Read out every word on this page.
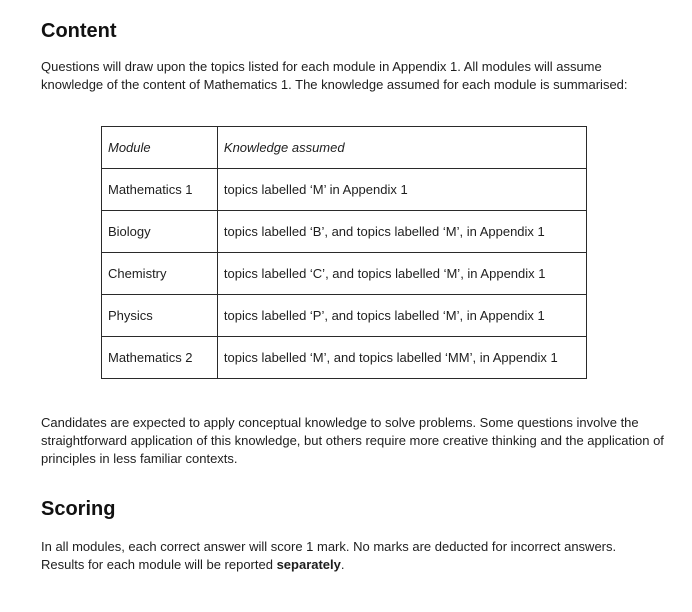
Content

Questions will draw upon the topics listed for each module in Appendix 1. All modules will assume knowledge of the content of Mathematics 1. The knowledge assumed for each module is summarised:

Module	Knowledge assumed
Mathematics 1	topics labelled ‘M’ in Appendix 1
Biology	topics labelled ‘B’, and topics labelled ‘M’, in Appendix 1
Chemistry	topics labelled ‘C’, and topics labelled ‘M’, in Appendix 1
Physics	topics labelled ‘P’, and topics labelled ‘M’, in Appendix 1
Mathematics 2	topics labelled ‘M’, and topics labelled ‘MM’, in Appendix 1

Candidates are expected to apply conceptual knowledge to solve problems. Some questions involve the straightforward application of this knowledge, but others require more creative thinking and the application of principles in less familiar contexts.

Scoring

In all modules, each correct answer will score 1 mark. No marks are deducted for incorrect answers.
Results for each module will be reported separately.
